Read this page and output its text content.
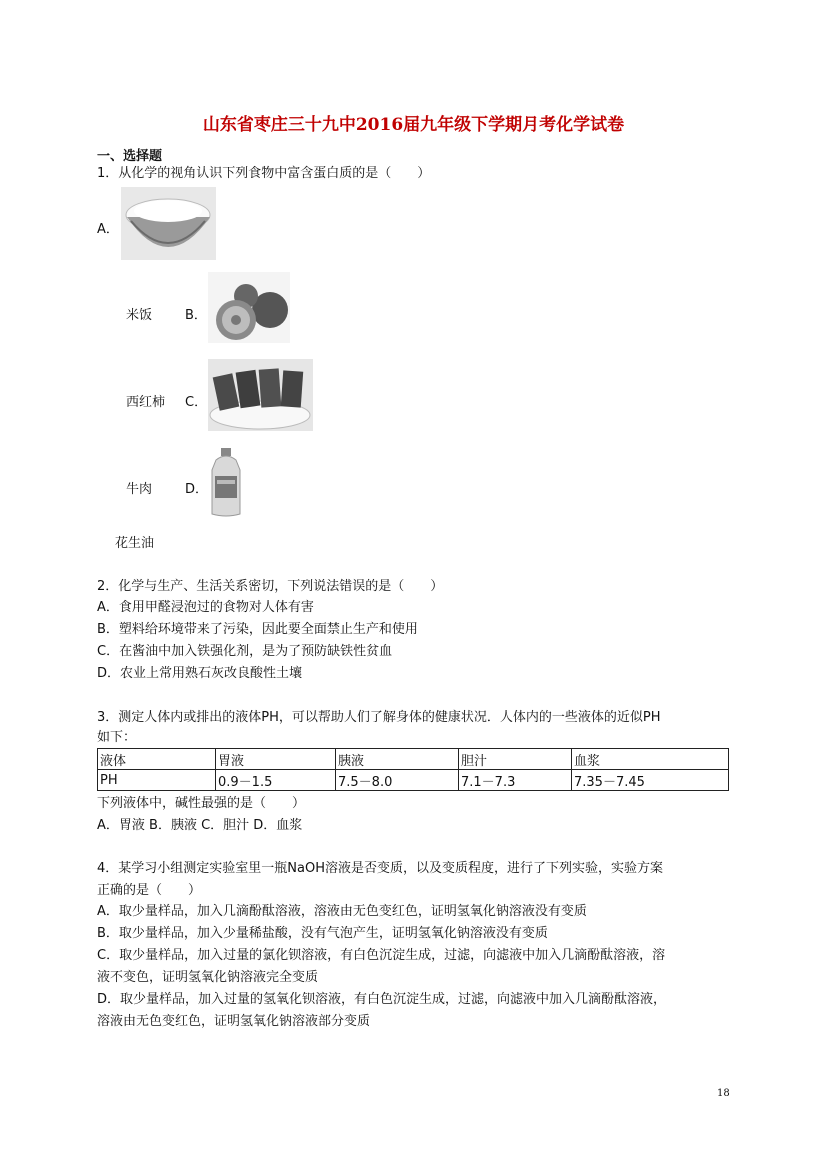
山东省枣庄三十九中2016届九年级下学期月考化学试卷
一、选择题
1．从化学的视角认识下列食物中富含蛋白质的是（　　）
A．
米饭	B．
西红柿 C．
牛肉	D．
花生油
2．化学与生产、生活关系密切，下列说法错误的是（　　）
A．食用甲醛浸泡过的食物对人体有害
B．塑料给环境带来了污染，因此要全面禁止生产和使用
C．在酱油中加入铁强化剂，是为了预防缺铁性贫血
D．农业上常用熟石灰改良酸性土壤
3．测定人体内或排出的液体PH，可以帮助人们了解身体的健康状况．人体内的一些液体的近似PH
如下：
液体	胃液	胰液	胆汁	血浆
PH	0.9－1.5	7.5－8.0	7.1－7.3	7.35－7.45
下列液体中，碱性最强的是（　　）
A．胃液 B．胰液 C．胆汁 D．血浆
4．某学习小组测定实验室里一瓶NaOH溶液是否变质，以及变质程度，进行了下列实验，实验方案
正确的是（　　）
A．取少量样品，加入几滴酚酞溶液，溶液由无色变红色，证明氢氧化钠溶液没有变质
B．取少量样品，加入少量稀盐酸，没有气泡产生，证明氢氧化钠溶液没有变质
C．取少量样品，加入过量的氯化钡溶液，有白色沉淀生成，过滤，向滤液中加入几滴酚酞溶液，溶
液不变色，证明氢氧化钠溶液完全变质
D．取少量样品，加入过量的氢氧化钡溶液，有白色沉淀生成，过滤，向滤液中加入几滴酚酞溶液，
溶液由无色变红色，证明氢氧化钠溶液部分变质
18
